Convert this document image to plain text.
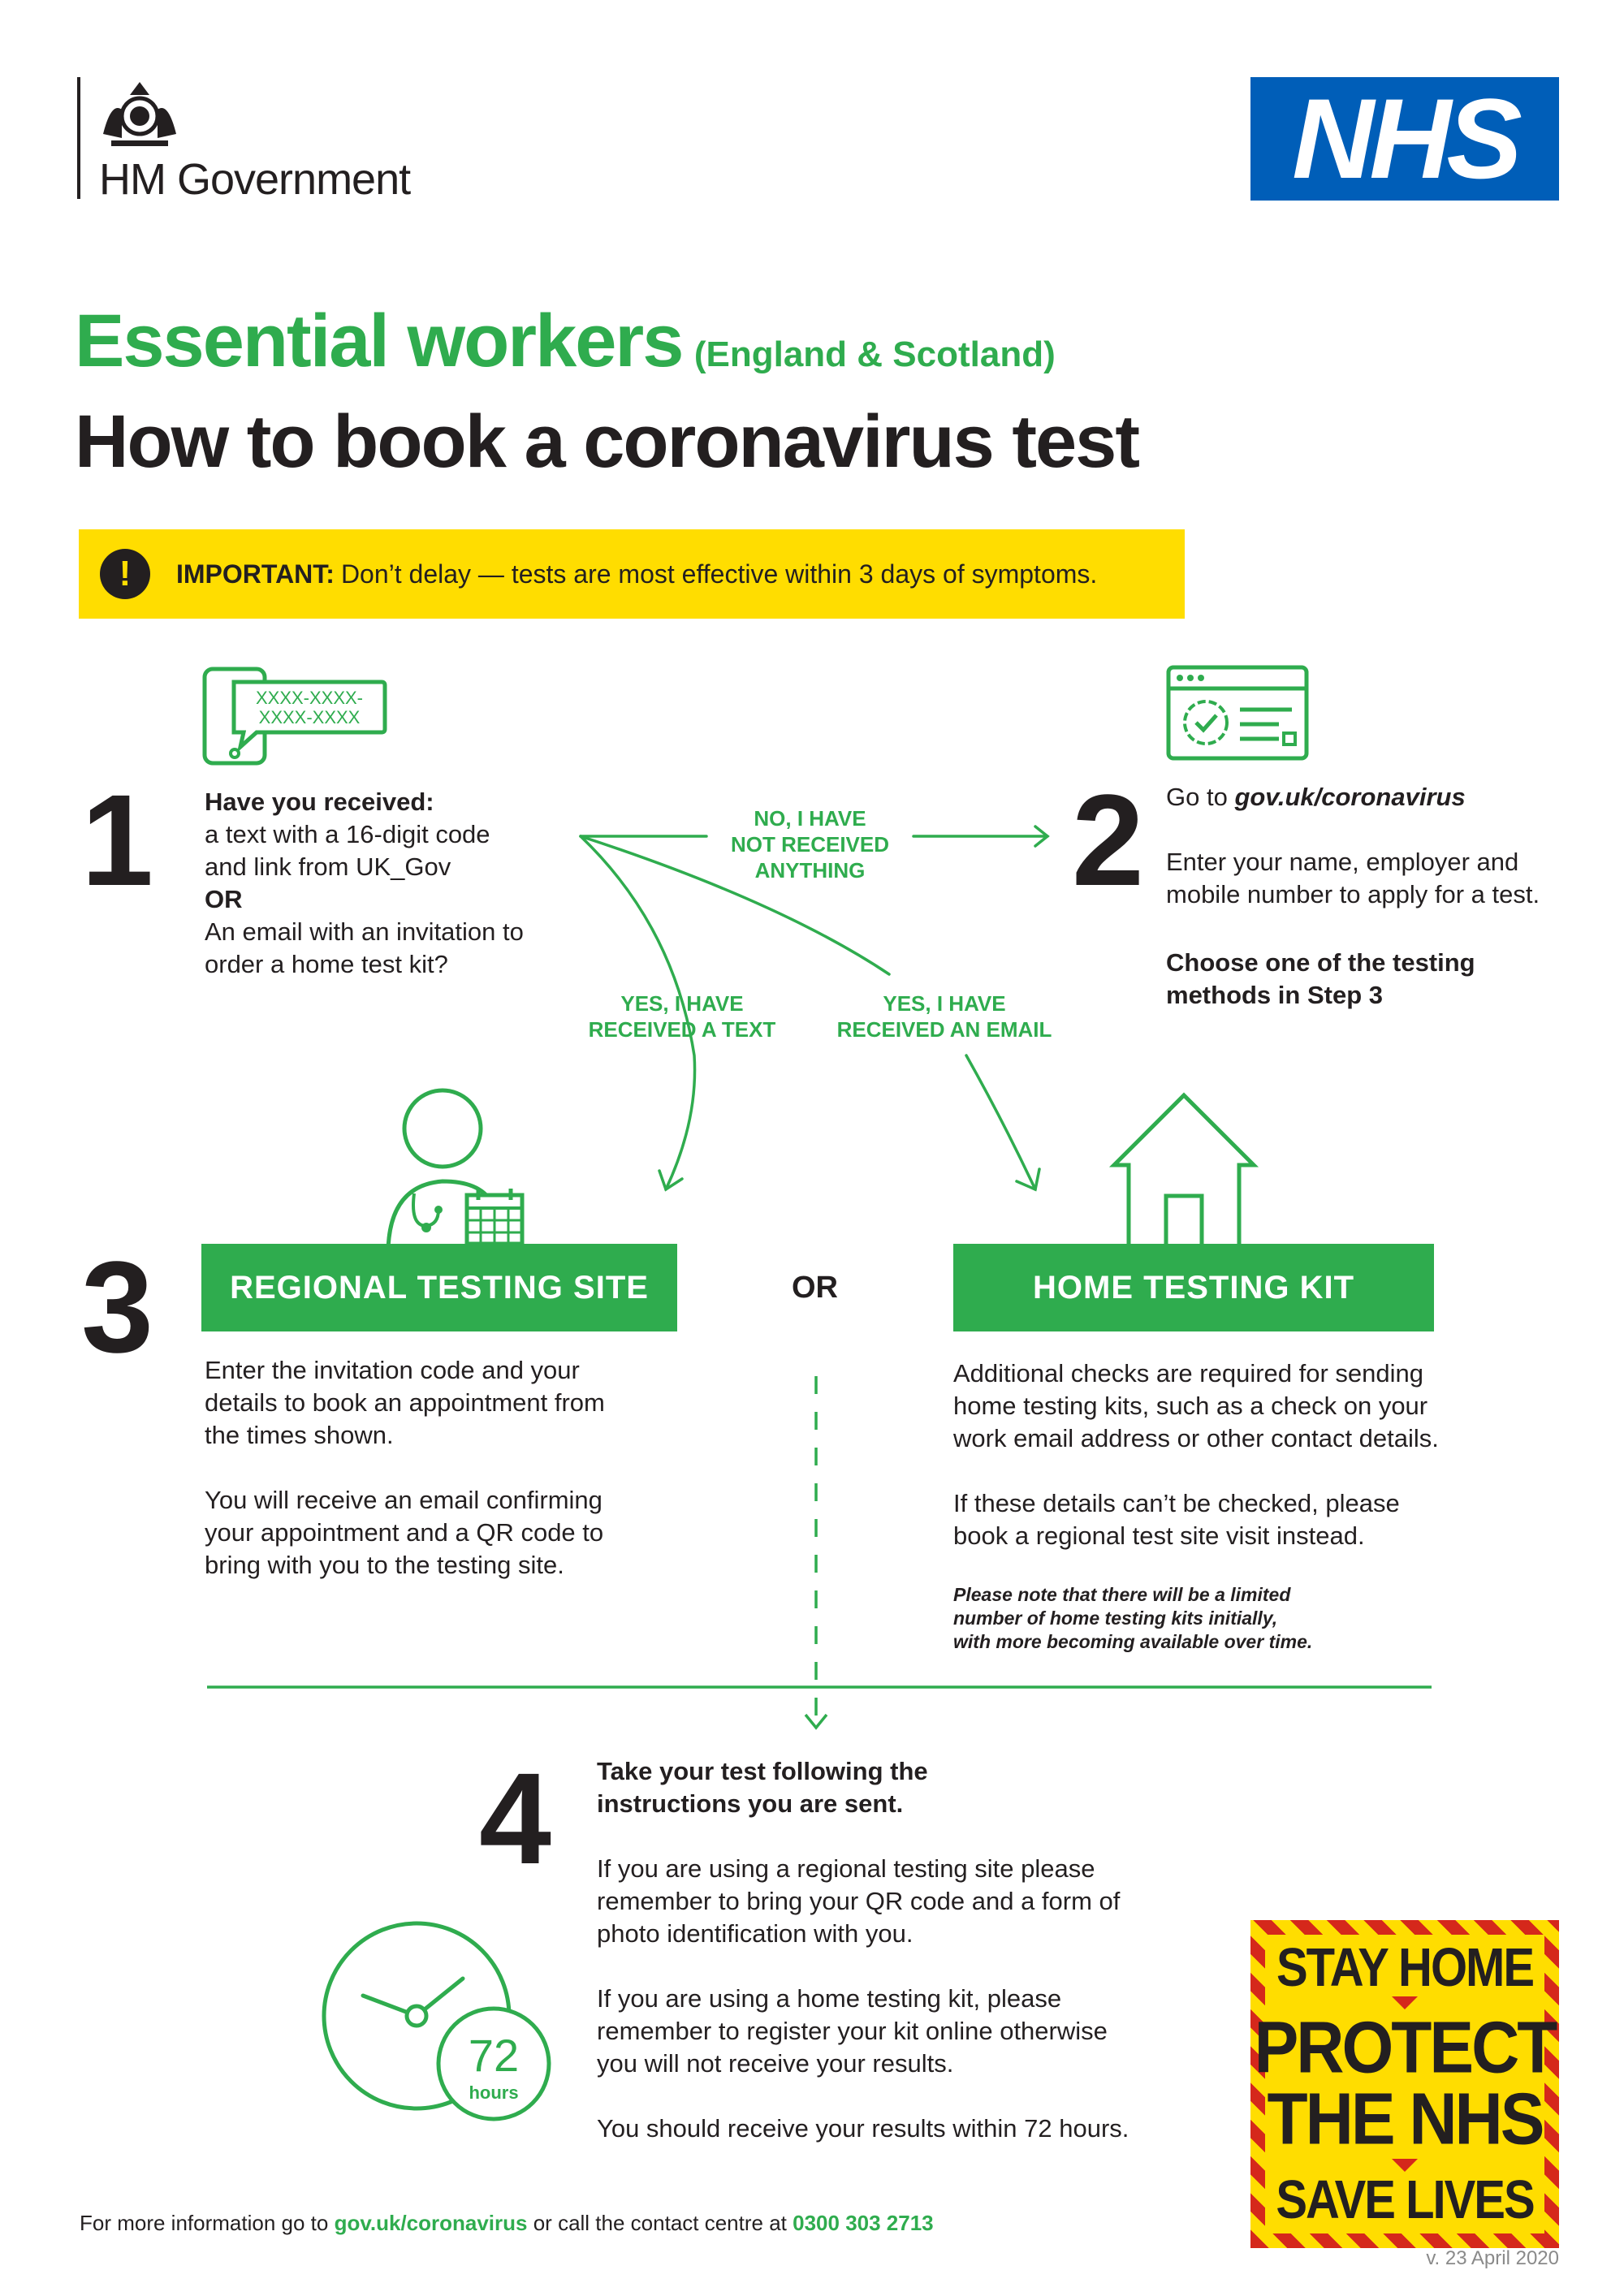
HM Government	NHS
Essential workers (England & Scotland)
How to book a coronavirus test
!	IMPORTANT: Don’t delay — tests are most effective within 3 days of symptoms.
XXXX-XXXX-
XXXX-XXXX
1 Have you received:
a text with a 16-digit code
and link from UK_Gov
OR
An email with an invitation to
order a home test kit?
NO, I HAVE
NOT RECEIVED
ANYTHING
YES, I HAVE
RECEIVED A TEXT
YES, I HAVE
RECEIVED AN EMAIL
2 Go to gov.uk/coronavirus
Enter your name, employer and
mobile number to apply for a test.
Choose one of the testing
methods in Step 3
3	REGIONAL TESTING SITE	OR	HOME TESTING KIT
Enter the invitation code and your
details to book an appointment from
the times shown.
You will receive an email confirming
your appointment and a QR code to
bring with you to the testing site.
Additional checks are required for sending
home testing kits, such as a check on your
work email address or other contact details.
If these details can’t be checked, please
book a regional test site visit instead.
Please note that there will be a limited
number of home testing kits initially,
with more becoming available over time.
4 Take your test following the
instructions you are sent.
If you are using a regional testing site please
remember to bring your QR code and a form of
photo identification with you.
If you are using a home testing kit, please
remember to register your kit online otherwise
you will not receive your results.
You should receive your results within 72 hours.
72
hours
STAY HOME
PROTECT
THE NHS
SAVE LIVES
For more information go to gov.uk/coronavirus or call the contact centre at 0300 303 2713
v. 23 April 2020
